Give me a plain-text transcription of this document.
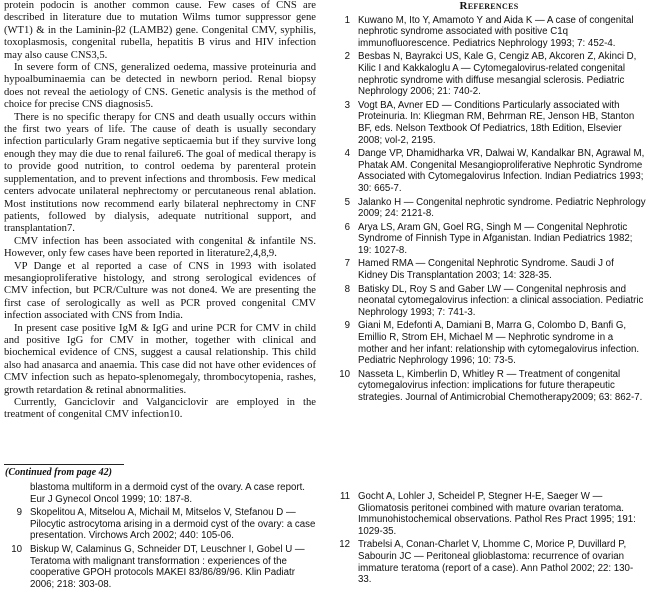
protein podocin is another common cause. Few cases of CNS are described in literature due to mutation Wilms tumor suppressor gene (WT1) & in the Laminin-β2 (LAMB2) gene. Congenital CMV, syphilis, toxoplasmosis, congenital rubella, hepatitis B virus and HIV infection may also cause CNS3,5.

In severe form of CNS, generalized oedema, massive proteinuria and hypoalbuminaemia can be detected in newborn period. Renal biopsy does not reveal the aetiology of CNS. Genetic analysis is the method of choice for precise CNS diagnosis5.

There is no specific therapy for CNS and death usually occurs within the first two years of life. The cause of death is usually secondary infection particularly Gram negative septicaemia but if they survive long enough they may die due to renal failure6. The goal of medical therapy is to provide good nutrition, to control oedema by parenteral protein supplementation, and to prevent infections and thrombosis. Few medical centers advocate unilateral nephrectomy or percutaneous renal ablation. Most institutions now recommend early bilateral nephrectomy in CNF patients, followed by dialysis, adequate nutritional support, and transplantation7.

CMV infection has been associated with congenital & infantile NS. However, only few cases have been reported in literature2,4,8,9.

VP Dange et al reported a case of CNS in 1993 with isolated mesangioproliferative histology, and strong serological evidences of CMV infection, but PCR/Culture was not done4. We are presenting the first case of serologically as well as PCR proved congenital CMV infection associated with CNS from India.

In present case positive IgM & IgG and urine PCR for CMV in child and positive IgG for CMV in mother, together with clinical and biochemical evidence of CNS, suggest a causal relationship. This child also had anasarca and anaemia. This case did not have other evidences of CMV infection such as hepato-splenomegaly, thrombocytopenia, rashes, growth retardation & retinal abnormalities.

Currently, Ganciclovir and Valganciclovir are employed in the treatment of congenital CMV infection10.

References
1 Kuwano M, Ito Y, Amamoto Y and Aida K — A case of congenital nephrotic syndrome associated with positive C1q immunofluorescence. Pediatrics Nephrology 1993; 7: 452-4.
2 Besbas N, Bayrakci US, Kale G, Cengiz AB, Akcoren Z, Akinci D, Kilic I and Kakkaloglu A — Cytomegalovirus-related congenital nephrotic syndrome with diffuse mesangial sclerosis. Pediatric Nephrology 2006; 21: 740-2.
3 Vogt BA, Avner ED — Conditions Particularly associated with Proteinuria. In: Kliegman RM, Behrman RE, Jenson HB, Stanton BF, eds. Nelson Textbook Of Pediatrics, 18th Edition, Elsevier 2008; vol-2, 2195.
4 Dange VP, Dhamidharka VR, Dalwai W, Kandalkar BN, Agrawal M, Phatak AM. Congenital Mesangioproliferative Nephrotic Syndrome Associated with Cytomegalovirus Infection. Indian Pediatrics 1993; 30: 665-7.
5 Jalanko H — Congenital nephrotic syndrome. Pediatric Nephrology 2009; 24: 2121-8.
6 Arya LS, Aram GN, Goel RG, Singh M — Congenital Nephrotic Syndrome of Finnish Type in Afganistan. Indian Pediatrics 1982; 19: 1027-8.
7 Hamed RMA — Congenital Nephrotic Syndrome. Saudi J of Kidney Dis Transplantation 2003; 14: 328-35.
8 Batisky DL, Roy S and Gaber LW — Congenital nephrosis and neonatal cytomegalovirus infection: a clinical association. Pediatric Nephrology 1993; 7: 741-3.
9 Giani M, Edefonti A, Damiani B, Marra G, Colombo D, Banfi G, Emillio R, Strom EH, Michael M — Nephrotic syndrome in a mother and her infant: relationship with cytomegalovirus infection. Pediatric Nephrology 1996; 10: 73-5.
10 Nasseta L, Kimberlin D, Whitley R — Treatment of congenital cytomegalovirus infection: implications for future therapeutic strategies. Journal of Antimicrobial Chemotherapy2009; 63: 862-7.
(Continued from page 42)
blastoma multiform in a dermoid cyst of the ovary. A case report. Eur J Gynecol Oncol 1999; 10: 187-8.
9 Skopelitou A, Mitselou A, Michail M, Mitselos V, Stefanou D — Pilocytic astrocytoma arising in a dermoid cyst of the ovary: a case presentation. Virchows Arch 2002; 440: 105-06.
10 Biskup W, Calaminus G, Schneider DT, Leuschner I, Gobel U — Teratoma with malignant transformation : experiences of the cooperative GPOH protocols MAKEI 83/86/89/96. Klin Padiatr 2006; 218: 303-08.
11 Gocht A, Lohler J, Scheidel P, Stegner H-E, Saeger W — Gliomatosis peritonei combined with mature ovarian teratoma. Immunohistochemical observations. Pathol Res Pract 1995; 191: 1029-35.
12 Trabelsi A, Conan-Charlet V, Lhomme C, Morice P, Duvillard P, Sabourin JC — Peritoneal glioblastoma: recurrence of ovarian immature teratoma (report of a case). Ann Pathol 2002; 22: 130-33.
